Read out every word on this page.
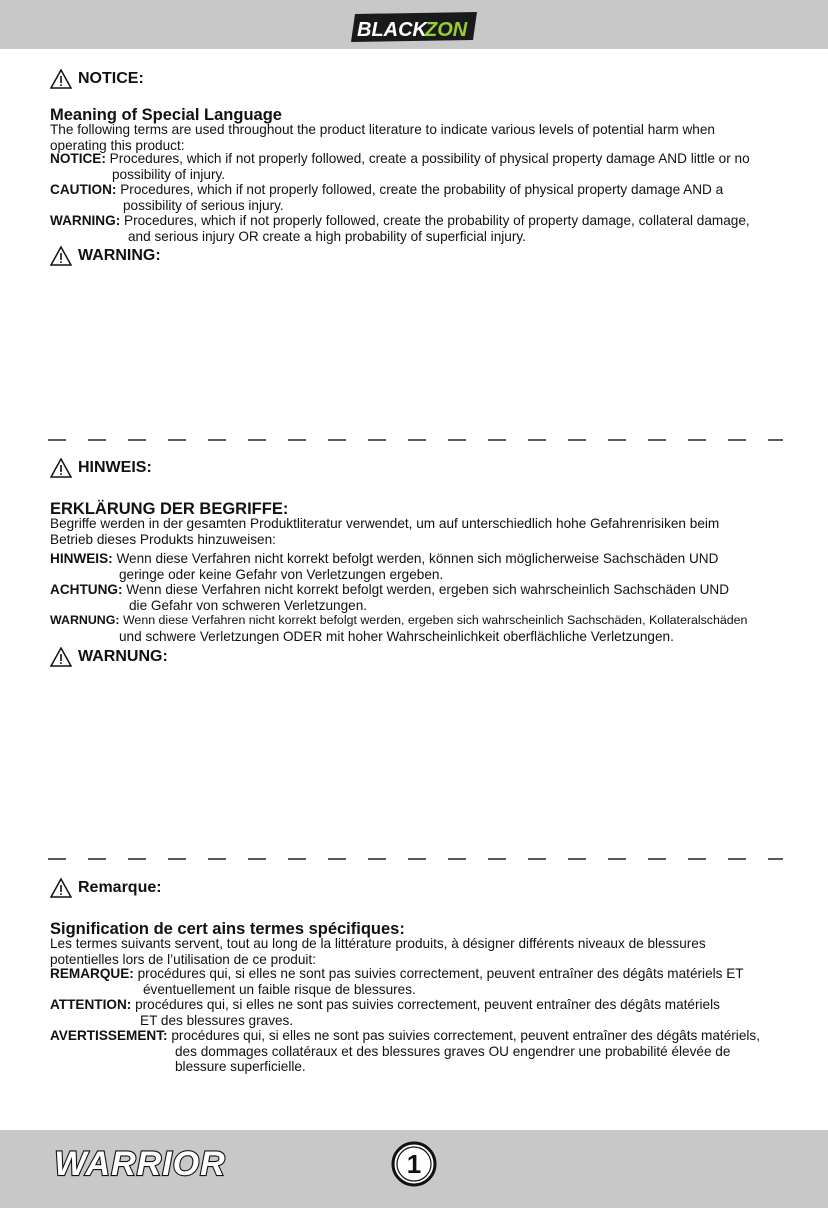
BLACK
ZON
NOTICE:
Meaning of Special Language

The following terms are used throughout the product literature to indicate various levels of potential harm when
operating this product:

NOTICE: Procedures, which if not properly followed, create a possibility of physical property damage AND little or no
possibility of injury.
CAUTION: Procedures, which if not properly followed, create the probability of physical property damage AND a
possibility of serious injury.
WARNING: Procedures, which if not properly followed, create the probability of property damage, collateral damage,
and serious injury OR create a high probability of superficial injury.
WARNING:
HINWEIS:
ERKLÄRUNG DER BEGRIFFE:

Begriffe werden in der gesamten Produktliteratur verwendet, um auf unterschiedlich hohe Gefahrenrisiken beim
Betrieb dieses Produkts hinzuweisen:

HINWEIS: Wenn diese Verfahren nicht korrekt befolgt werden, können sich möglicherweise Sachschäden UND
geringe oder keine Gefahr von Verletzungen ergeben.
ACHTUNG: Wenn diese Verfahren nicht korrekt befolgt werden, ergeben sich wahrscheinlich Sachschäden UND
die Gefahr von schweren Verletzungen.
WARNUNG: Wenn diese Verfahren nicht korrekt befolgt werden, ergeben sich wahrscheinlich Sachschäden, Kollateralschäden
und schwere Verletzungen ODER mit hoher Wahrscheinlichkeit oberflächliche Verletzungen.
WARNUNG:
Remarque:
Signification de cert ains termes spécifiques:

Les termes suivants servent, tout au long de la littérature produits, à désigner différents niveaux de blessures
potentielles lors de l’utilisation de ce produit:

REMARQUE: procédures qui, si elles ne sont pas suivies correctement, peuvent entraîner des dégâts matériels ET
éventuellement un faible risque de blessures.
ATTENTION: procédures qui, si elles ne sont pas suivies correctement, peuvent entraîner des dégâts matériels
ET des blessures graves.
AVERTISSEMENT: procédures qui, si elles ne sont pas suivies correctement, peuvent entraîner des dégâts matériels,
des dommages collatéraux et des blessures graves OU engendrer une probabilité élevée de
blessure superficielle.
WARRIOR	1
